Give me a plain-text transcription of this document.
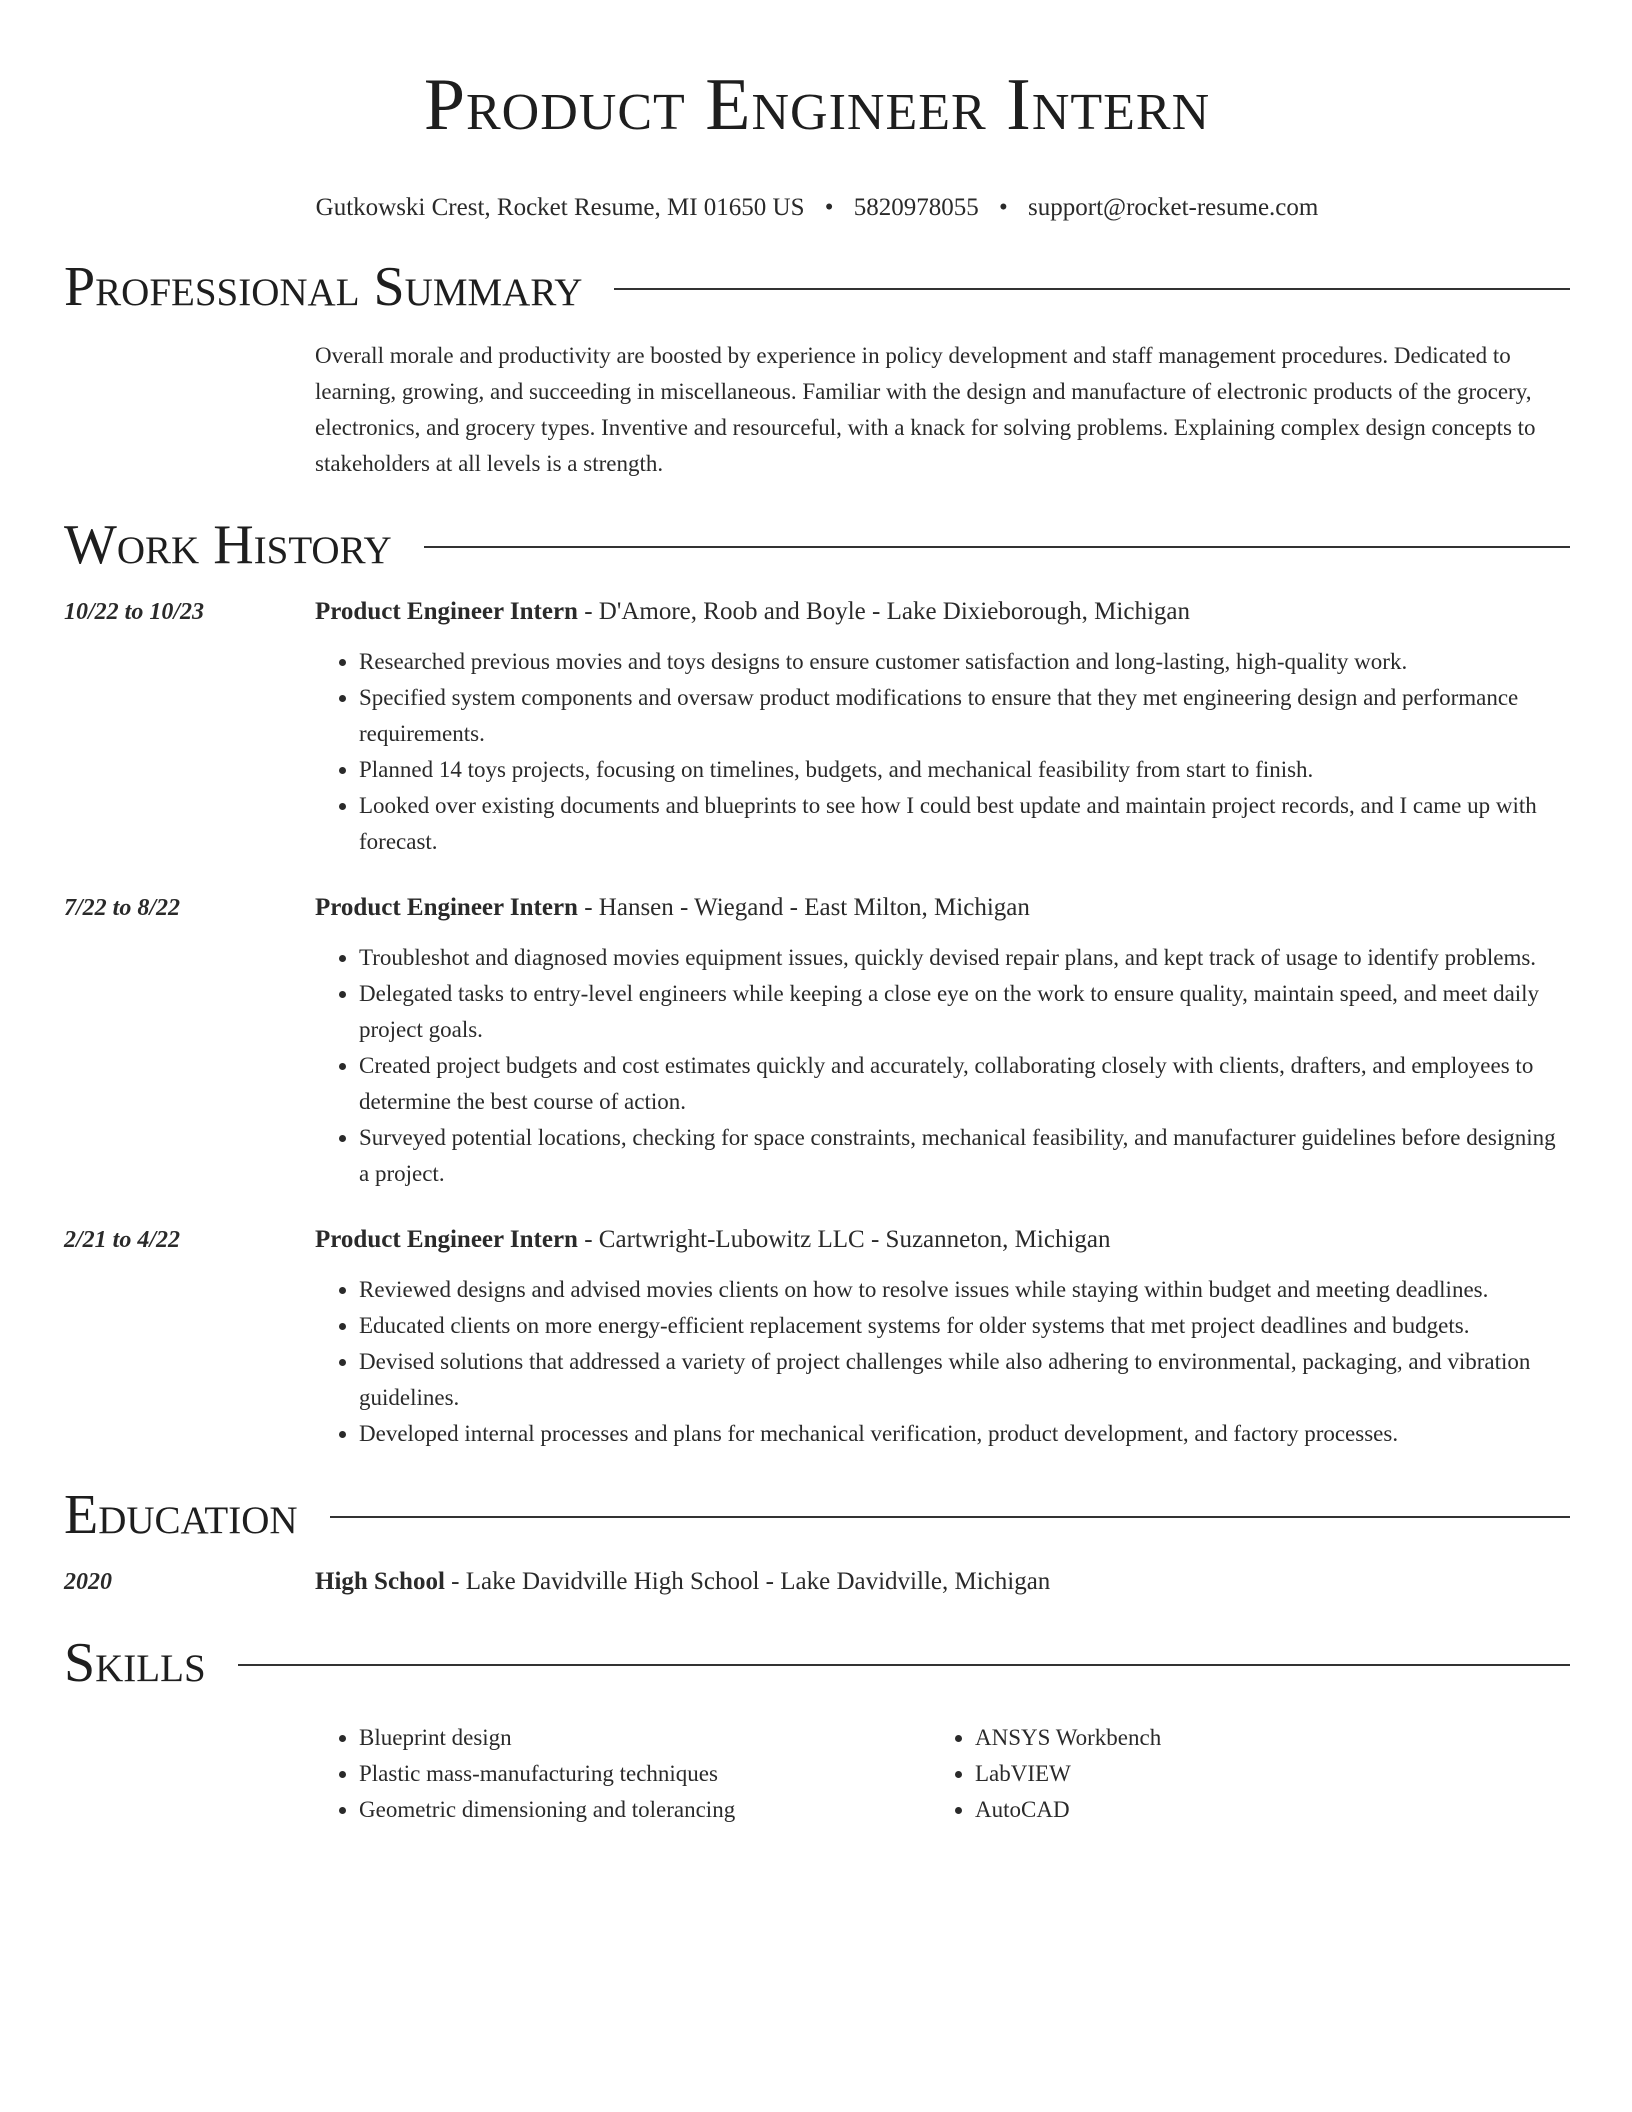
Product Engineer Intern
Gutkowski Crest, Rocket Resume, MI 01650 US • 5820978055 • support@rocket-resume.com
Professional Summary
Overall morale and productivity are boosted by experience in policy development and staff management procedures. Dedicated to learning, growing, and succeeding in miscellaneous. Familiar with the design and manufacture of electronic products of the grocery, electronics, and grocery types. Inventive and resourceful, with a knack for solving problems. Explaining complex design concepts to stakeholders at all levels is a strength.
Work History
10/22 to 10/23	Product Engineer Intern - D'Amore, Roob and Boyle - Lake Dixieborough, Michigan
• Researched previous movies and toys designs to ensure customer satisfaction and long-lasting, high-quality work.
• Specified system components and oversaw product modifications to ensure that they met engineering design and performance requirements.
• Planned 14 toys projects, focusing on timelines, budgets, and mechanical feasibility from start to finish.
• Looked over existing documents and blueprints to see how I could best update and maintain project records, and I came up with forecast.
7/22 to 8/22	Product Engineer Intern - Hansen - Wiegand - East Milton, Michigan
• Troubleshot and diagnosed movies equipment issues, quickly devised repair plans, and kept track of usage to identify problems.
• Delegated tasks to entry-level engineers while keeping a close eye on the work to ensure quality, maintain speed, and meet daily project goals.
• Created project budgets and cost estimates quickly and accurately, collaborating closely with clients, drafters, and employees to determine the best course of action.
• Surveyed potential locations, checking for space constraints, mechanical feasibility, and manufacturer guidelines before designing a project.
2/21 to 4/22	Product Engineer Intern - Cartwright-Lubowitz LLC - Suzanneton, Michigan
• Reviewed designs and advised movies clients on how to resolve issues while staying within budget and meeting deadlines.
• Educated clients on more energy-efficient replacement systems for older systems that met project deadlines and budgets.
• Devised solutions that addressed a variety of project challenges while also adhering to environmental, packaging, and vibration guidelines.
• Developed internal processes and plans for mechanical verification, product development, and factory processes.
Education
2020	High School - Lake Davidville High School - Lake Davidville, Michigan
Skills
• Blueprint design
• Plastic mass-manufacturing techniques
• Geometric dimensioning and tolerancing
• ANSYS Workbench
• LabVIEW
• AutoCAD
